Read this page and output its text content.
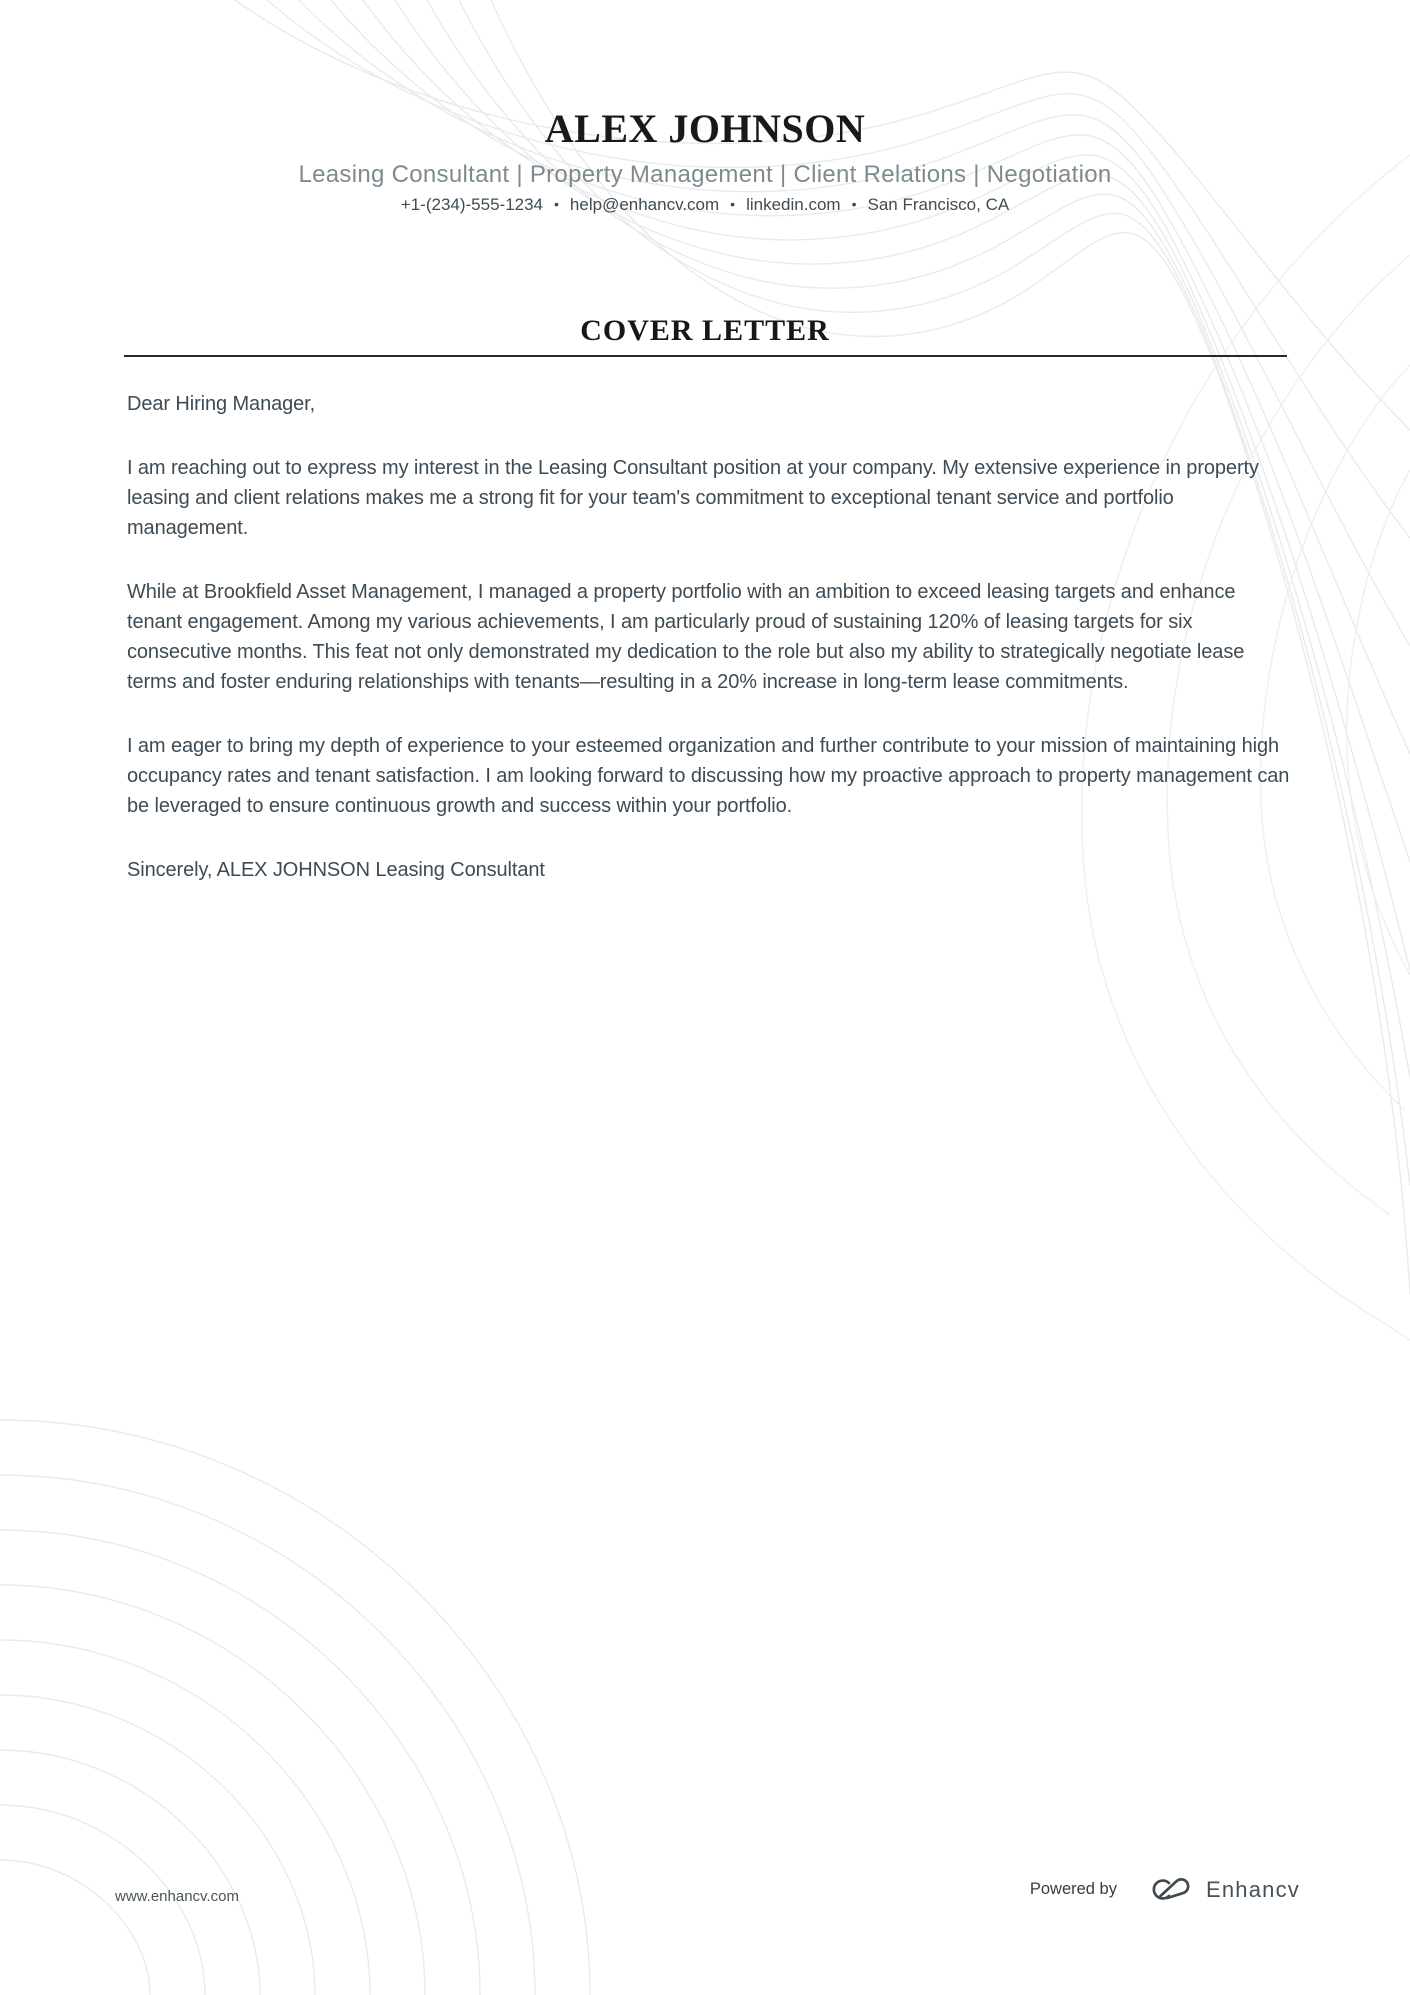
ALEX JOHNSON
Leasing Consultant | Property Management | Client Relations | Negotiation
+1-(234)-555-1234 • help@enhancv.com • linkedin.com • San Francisco, CA
COVER LETTER

Dear Hiring Manager,

I am reaching out to express my interest in the Leasing Consultant position at your company. My extensive experience in property leasing and client relations makes me a strong fit for your team's commitment to exceptional tenant service and portfolio management.

While at Brookfield Asset Management, I managed a property portfolio with an ambition to exceed leasing targets and enhance tenant engagement. Among my various achievements, I am particularly proud of sustaining 120% of leasing targets for six consecutive months. This feat not only demonstrated my dedication to the role but also my ability to strategically negotiate lease terms and foster enduring relationships with tenants—resulting in a 20% increase in long-term lease commitments.

I am eager to bring my depth of experience to your esteemed organization and further contribute to your mission of maintaining high occupancy rates and tenant satisfaction. I am looking forward to discussing how my proactive approach to property management can be leveraged to ensure continuous growth and success within your portfolio.

Sincerely, ALEX JOHNSON Leasing Consultant

www.enhancv.com	Powered by	Enhancv
